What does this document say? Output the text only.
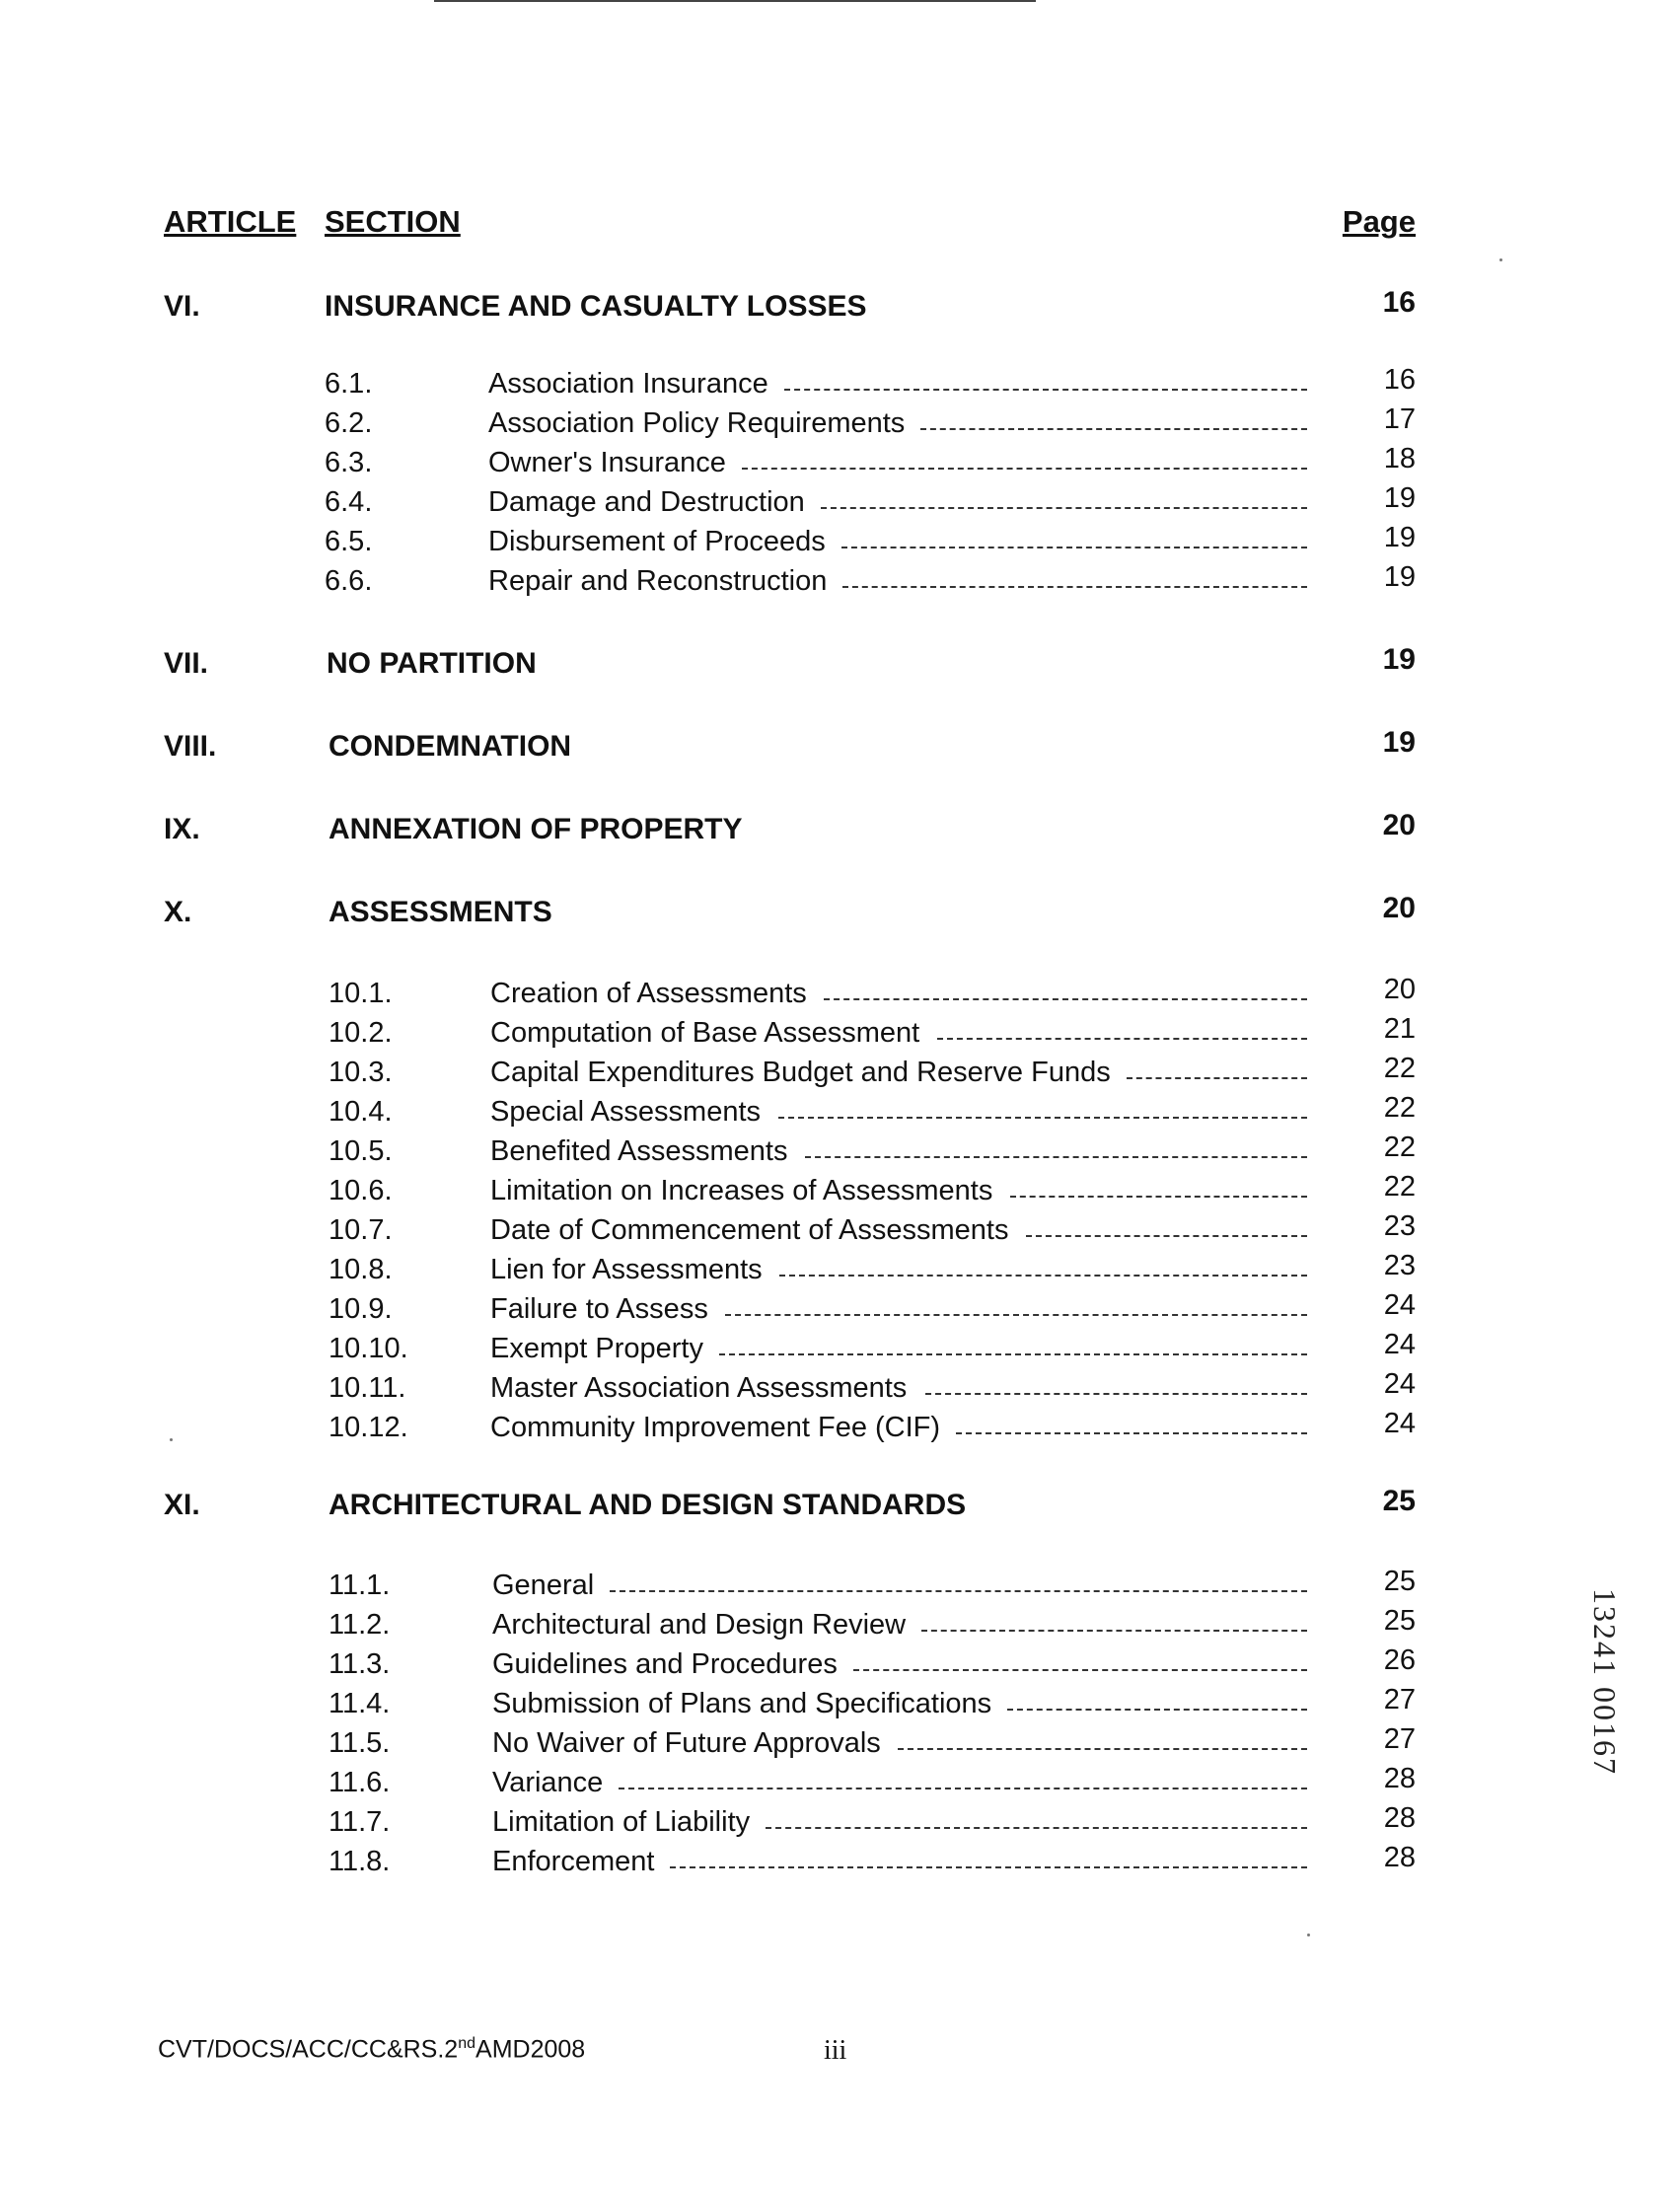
ARTICLE SECTION	Page
VI.	INSURANCE AND CASUALTY LOSSES	16
6.1.	Association Insurance	16
6.2.	Association Policy Requirements	17
6.3.	Owner's Insurance	18
6.4.	Damage and Destruction	19
6.5.	Disbursement of Proceeds	19
6.6.	Repair and Reconstruction	19
VII.	NO PARTITION	19
VIII.	CONDEMNATION	19
IX.	ANNEXATION OF PROPERTY	20
X.	ASSESSMENTS	20
10.1.	Creation of Assessments	20
10.2.	Computation of Base Assessment	21
10.3.	Capital Expenditures Budget and Reserve Funds	22
10.4.	Special Assessments	22
10.5.	Benefited Assessments	22
10.6.	Limitation on Increases of Assessments	22
10.7.	Date of Commencement of Assessments	23
10.8.	Lien for Assessments	23
10.9.	Failure to Assess	24
10.10.	Exempt Property	24
10.11.	Master Association Assessments	24
10.12.	Community Improvement Fee (CIF)	24
XI.	ARCHITECTURAL AND DESIGN STANDARDS	25
11.1.	General	25
11.2.	Architectural and Design Review	25
11.3.	Guidelines and Procedures	26
11.4.	Submission of Plans and Specifications	27
11.5.	No Waiver of Future Approvals	27
11.6.	Variance	28
11.7.	Limitation of Liability	28
11.8.	Enforcement	28
CVT/DOCS/ACC/CC&RS.2ndAMD2008	iii
13241 00167
